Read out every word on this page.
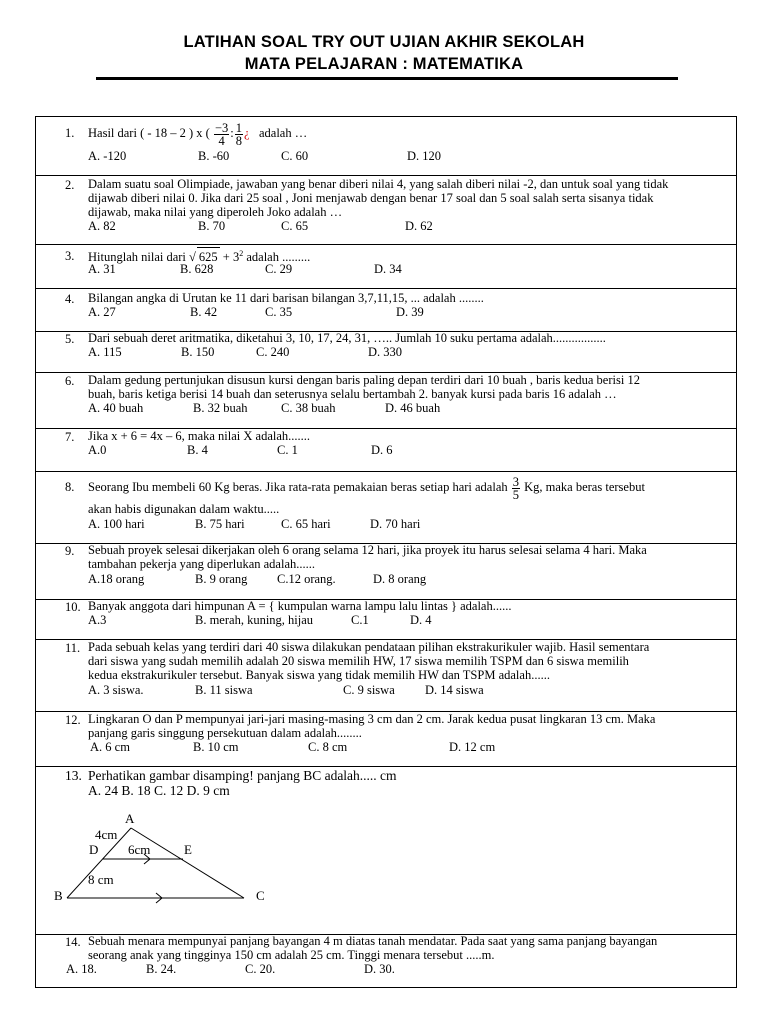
LATIHAN SOAL TRY OUT UJIAN AKHIR SEKOLAH
MATA PELAJARAN : MATEMATIKA
1. Hasil dari ( - 18 – 2 ) x ( $\frac{-3}{4}$ : $\frac{1}{8}$ ¿ adalah …
A. -120	B. -60	C. 60	D. 120
2. Dalam suatu soal Olimpiade, jawaban yang benar diberi nilai 4, yang salah diberi nilai -2, dan untuk soal yang tidak
dijawab diberi nilai 0. Jika dari 25 soal , Joni menjawab dengan benar 17 soal dan 5 soal salah serta sisanya tidak
dijawab, maka nilai yang diperoleh Joko adalah …
A. 82	B. 70	C. 65	D. 62
3. Hitunglah nilai dari √ $625 + 3^2$ adalah .........
A. 31	B. 628	C. 29	D. 34
4. Bilangan angka di Urutan ke 11 dari barisan bilangan 3,7,11,15, ... adalah ........
A. 27	B. 42	C. 35	D. 39
5. Dari sebuah deret aritmatika, diketahui 3, 10, 17, 24, 31, ….. Jumlah 10 suku pertama adalah.................
A. 115	B. 150	C. 240	D. 330
6. Dalam gedung pertunjukan disusun kursi dengan baris paling depan terdiri dari 10 buah , baris kedua berisi 12
buah, baris ketiga berisi 14 buah dan seterusnya selalu bertambah 2. banyak kursi pada baris 16 adalah …
A. 40 buah	B. 32 buah	C. 38 buah	D. 46 buah
7. Jika x + 6 = 4x – 6, maka nilai X adalah.......
A.0	B. 4	C. 1	D. 6
8. Seorang Ibu membeli 60 Kg beras. Jika rata-rata pemakaian beras setiap hari adalah $\frac{3}{5} Kg$, maka beras tersebut
akan habis digunakan dalam waktu.....
A. 100 hari	B. 75 hari	C. 65 hari	D. 70 hari
9. Sebuah proyek selesai dikerjakan oleh 6 orang selama 12 hari, jika proyek itu harus selesai selama 4 hari. Maka
tambahan pekerja yang diperlukan adalah......
A.18 orang	B. 9 orang C.12 orang.	D. 8 orang
10. Banyak anggota dari himpunan A = { kumpulan warna lampu lalu lintas } adalah......
A.3	B. merah, kuning, hijau	C.1	D. 4
11. Pada sebuah kelas yang terdiri dari 40 siswa dilakukan pendataan pilihan ekstrakurikuler wajib. Hasil sementara
dari siswa yang sudah memilih adalah 20 siswa memilih HW, 17 siswa memilih TSPM dan 6 siswa memilih
kedua ekstrakurikuler tersebut. Banyak siswa yang tidak memilih HW dan TSPM adalah......
A. 3 siswa.	B. 11 siswa	C. 9 siswa D. 14 siswa
12. Lingkaran O dan P mempunyai jari-jari masing-masing 3 cm dan 2 cm. Jarak kedua pusat lingkaran 13 cm. Maka
panjang garis singgung persekutuan dalam adalah........
A. 6 cm	B. 10 cm	C. 8 cm	D. 12 cm
13. Perhatikan gambar disamping! panjang BC adalah..... cm
A. 24 B. 18 C. 12 D. 9 cm
A
4cm
D 6cm	E
8 cm
B	C
14. Sebuah menara mempunyai panjang bayangan 4 m diatas tanah mendatar. Pada saat yang sama panjang bayangan
seorang anak yang tingginya 150 cm adalah 25 cm. Tinggi menara tersebut .....m.
A. 18.	B. 24.	C. 20.	D. 30.
